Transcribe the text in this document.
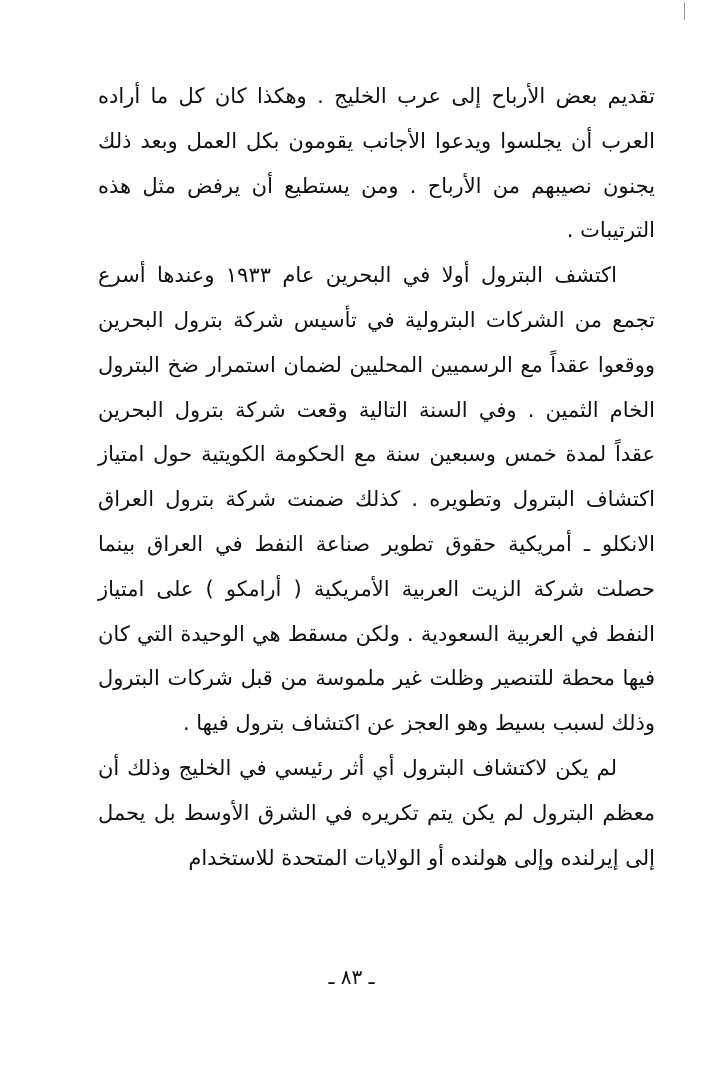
تقديم بعض الأرباح إلى عرب الخليج . وهكذا كان كل ما أراده العرب أن يجلسوا ويدعوا الأجانب يقومون بكل العمل وبعد ذلك يجنون نصيبهم من الأرباح . ومن يستطيع أن يرفض مثل هذه الترتيبات .

اكتشف البترول أولا في البحرين عام ١٩٣٣ وعندها أسرع تجمع من الشركات البترولية في تأسيس شركة بترول البحرين ووقعوا عقداً مع الرسميين المحليين لضمان استمرار ضخ البترول الخام الثمين . وفي السنة التالية وقعت شركة بترول البحرين عقداً لمدة خمس وسبعين سنة مع الحكومة الكويتية حول امتياز اكتشاف البترول وتطويره . كذلك ضمنت شركة بترول العراق الانكلو ـ أمريكية حقوق تطوير صناعة النفط في العراق بينما حصلت شركة الزيت العربية الأمريكية ( أرامكو ) على امتياز النفط في العربية السعودية . ولكن مسقط هي الوحيدة التي كان فيها محطة للتنصير وظلت غير ملموسة من قبل شركات البترول وذلك لسبب بسيط وهو العجز عن اكتشاف بترول فيها .

لم يكن لاكتشاف البترول أي أثر رئيسي في الخليج وذلك أن معظم البترول لم يكن يتم تكريره في الشرق الأوسط بل يحمل إلى إيرلنده وإلى هولنده أو الولايات المتحدة للاستخدام

ـ ٨٣ ـ
